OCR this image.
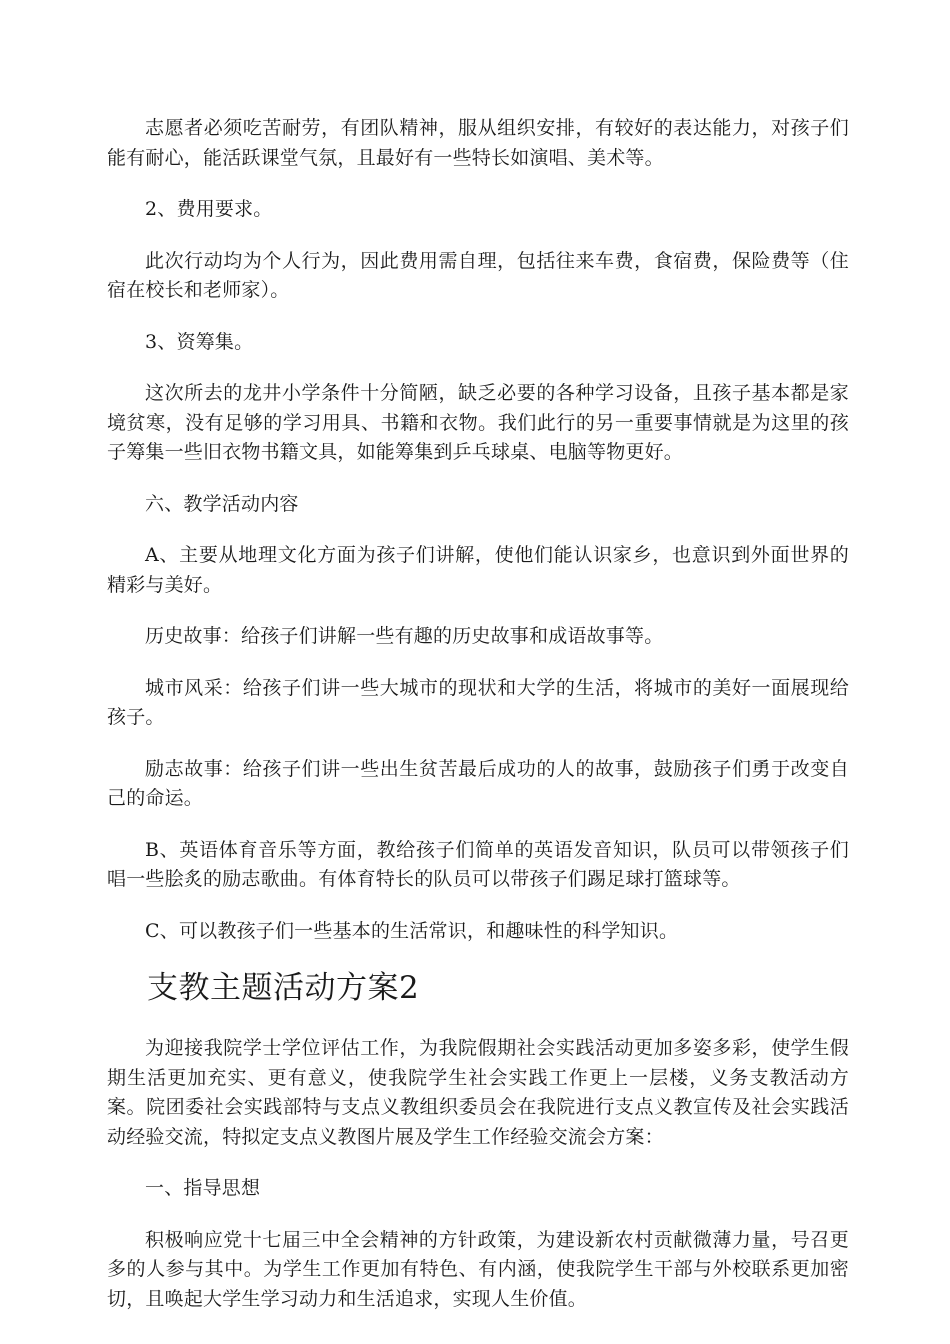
志愿者必须吃苦耐劳，有团队精神，服从组织安排，有较好的表达能力，对孩子们能有耐心，能活跃课堂气氛，且最好有一些特长如演唱、美术等。

2、费用要求。

此次行动均为个人行为，因此费用需自理，包括往来车费，食宿费，保险费等（住宿在校长和老师家）。

3、资筹集。

这次所去的龙井小学条件十分简陋，缺乏必要的各种学习设备，且孩子基本都是家境贫寒，没有足够的学习用具、书籍和衣物。我们此行的另一重要事情就是为这里的孩子筹集一些旧衣物书籍文具，如能筹集到乒乓球桌、电脑等物更好。

六、教学活动内容

A、主要从地理文化方面为孩子们讲解，使他们能认识家乡，也意识到外面世界的精彩与美好。

历史故事：给孩子们讲解一些有趣的历史故事和成语故事等。

城市风采：给孩子们讲一些大城市的现状和大学的生活，将城市的美好一面展现给孩子。

励志故事：给孩子们讲一些出生贫苦最后成功的人的故事，鼓励孩子们勇于改变自己的命运。

B、英语体育音乐等方面，教给孩子们简单的英语发音知识，队员可以带领孩子们唱一些脍炙的励志歌曲。有体育特长的队员可以带孩子们踢足球打篮球等。

C、可以教孩子们一些基本的生活常识，和趣味性的科学知识。

支教主题活动方案2

为迎接我院学士学位评估工作，为我院假期社会实践活动更加多姿多彩，使学生假期生活更加充实、更有意义，使我院学生社会实践工作更上一层楼，义务支教活动方案。院团委社会实践部特与支点义教组织委员会在我院进行支点义教宣传及社会实践活动经验交流，特拟定支点义教图片展及学生工作经验交流会方案：

一、指导思想

积极响应党十七届三中全会精神的方针政策，为建设新农村贡献微薄力量，号召更多的人参与其中。为学生工作更加有特色、有内涵，使我院学生干部与外校联系更加密切，且唤起大学生学习动力和生活追求，实现人生价值。
